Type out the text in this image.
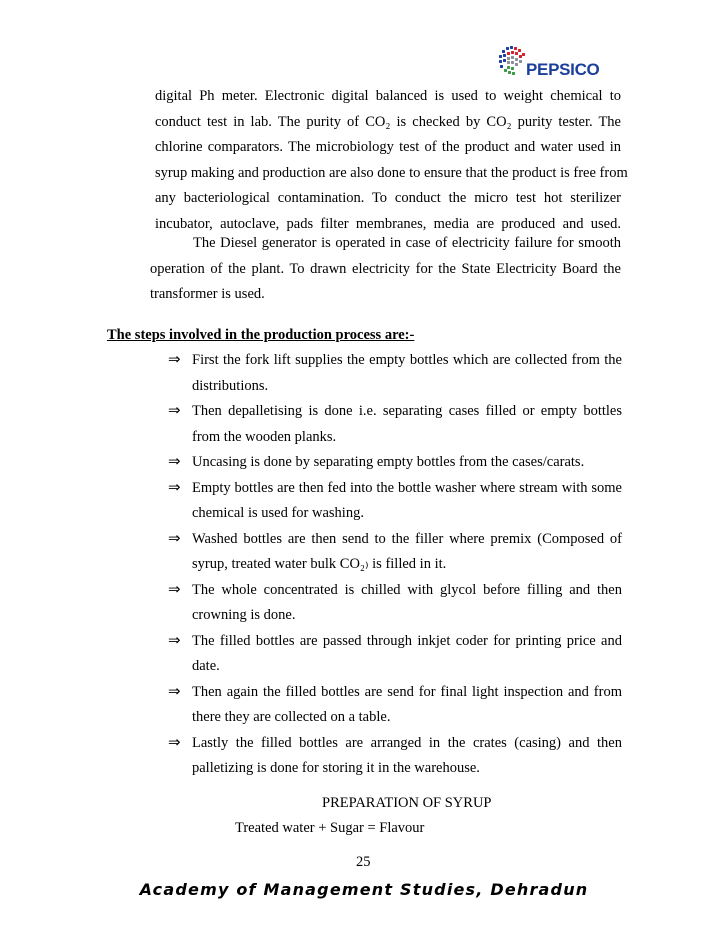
PEPSICO
digital Ph meter. Electronic digital balanced is used to weight chemical to
conduct test in lab. The purity of CO₂ is checked by CO₂ purity tester. The
chlorine comparators. The microbiology test of the product and water used in
syrup making and production are also done to ensure that the product is free from
any bacteriological contamination. To conduct the micro test hot sterilizer
incubator, autoclave, pads filter membranes, media are produced and used.
The Diesel generator is operated in case of electricity failure for smooth
operation of the plant. To drawn electricity for the State Electricity Board the
transformer is used.
The steps involved in the production process are:-
⇒ First the fork lift supplies the empty bottles which are collected from the
distributions.
⇒ Then depalletising is done i.e. separating cases filled or empty bottles
from the wooden planks.
⇒ Uncasing is done by separating empty bottles from the cases/carats.
⇒ Empty bottles are then fed into the bottle washer where stream with some
chemical is used for washing.
⇒ Washed bottles are then send to the filler where premix (Composed of
syrup, treated water bulk CO₂₎ is filled in it.
⇒ The whole concentrated is chilled with glycol before filling and then
crowning is done.
⇒ The filled bottles are passed through inkjet coder for printing price and
date.
⇒ Then again the filled bottles are send for final light inspection and from
there they are collected on a table.
⇒ Lastly the filled bottles are arranged in the crates (casing) and then
palletizing is done for storing it in the warehouse.
PREPARATION OF SYRUP
Treated water + Sugar = Flavour
25
Academy of Management Studies, Dehradun
